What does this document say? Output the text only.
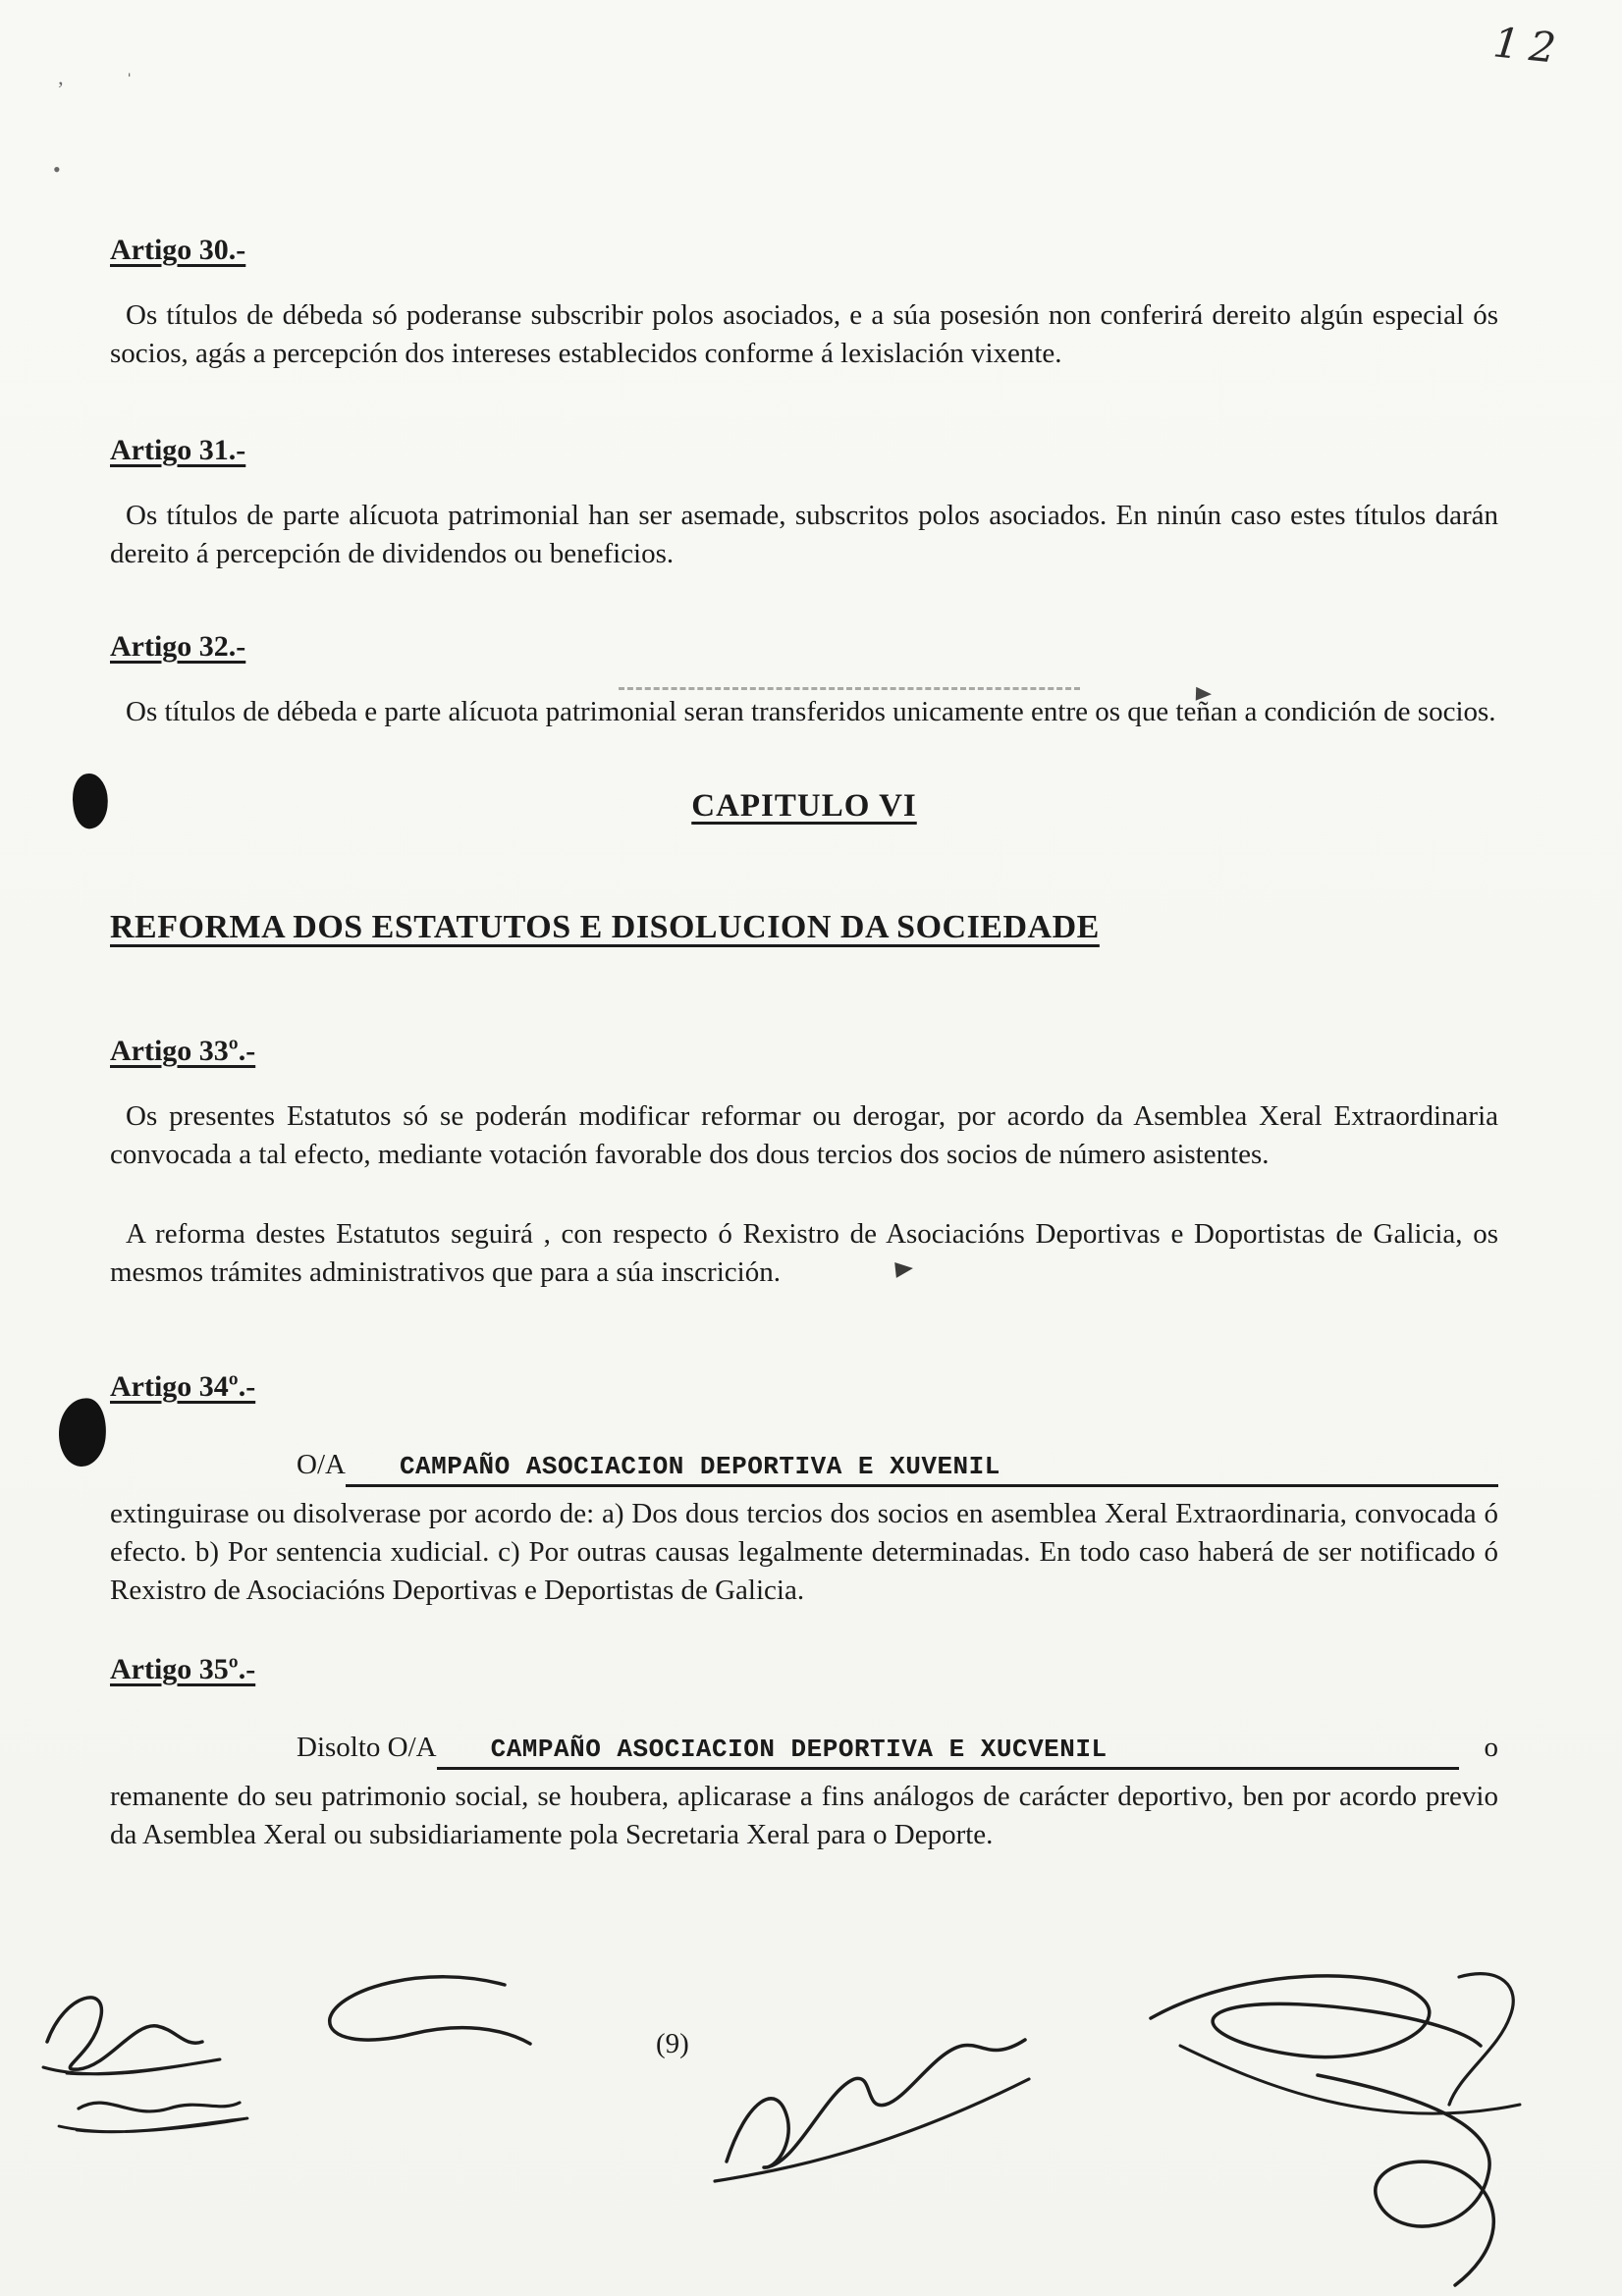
12
’	ˈ
•
Artigo 30.-

Os títulos de débeda só poderanse subscribir polos asociados, e a súa posesión non conferirá dereito algún especial ós socios, agás a percepción dos intereses establecidos conforme á lexislación vixente.

Artigo 31.-

Os títulos de parte alícuota patrimonial han ser asemade, subscritos polos asociados. En ninún caso estes títulos darán dereito á percepción de dividendos ou beneficios.

Artigo 32.-

Os títulos de débeda e parte alícuota patrimonial seran transferidos unicamente entre os que teñan a condición de socios.

CAPITULO VI
REFORMA DOS ESTATUTOS E DISOLUCION DA SOCIEDADE
Artigo 33º.-

Os presentes Estatutos só se poderán modificar reformar ou derogar, por acordo da Asemblea Xeral Extraordinaria convocada a tal efecto, mediante votación favorable dos dous tercios dos socios de número asistentes.

A reforma destes Estatutos seguirá , con respecto ó Rexistro de Asociacións Deportivas e Doportistas de Galicia, os mesmos trámites administrativos que para a súa inscrición.

Artigo 34º.-
O/A	CAMPAÑO ASOCIACION DEPORTIVA E XUVENIL

extinguirase ou disolverase por acordo de: a) Dos dous tercios dos socios en asemblea Xeral Extraordinaria, convocada ó efecto. b) Por sentencia xudicial. c) Por outras causas legalmente determinadas. En todo caso haberá de ser notificado ó Rexistro de Asociacións Deportivas e Deportistas de Galicia.

Artigo 35º.-
Disolto O/A	CAMPAÑO ASOCIACION DEPORTIVA E XUCVENIL	o

remanente do seu patrimonio social, se houbera, aplicarase a fins análogos de carácter deportivo, ben por acordo previo da Asemblea Xeral ou subsidiariamente pola Secretaria Xeral para o Deporte.

(9)
